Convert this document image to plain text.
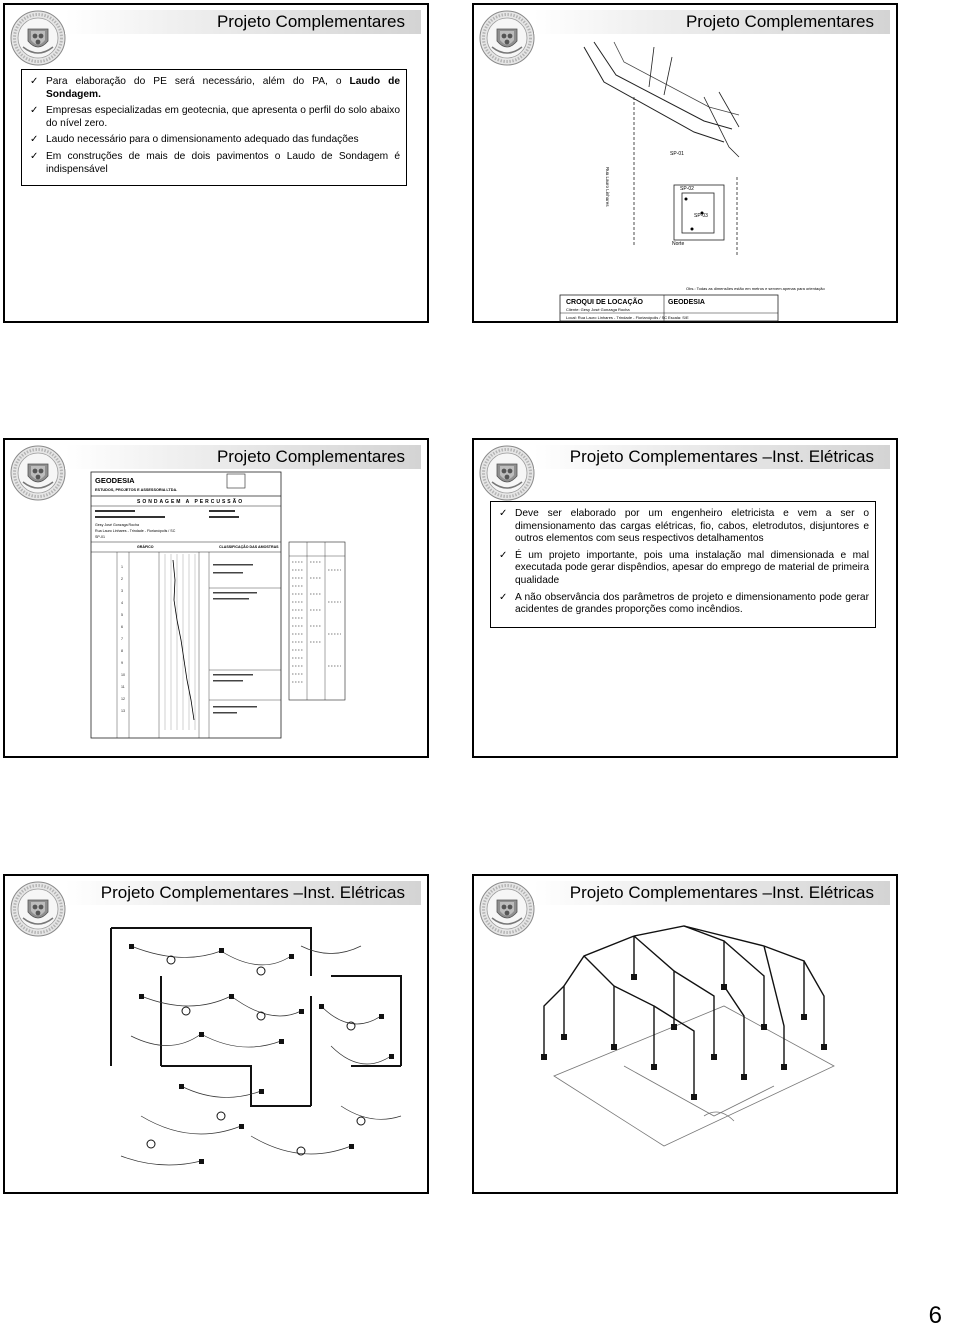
Projeto Complementares
✓ Para elaboração do PE será necessário, além do PA, o Laudo de Sondagem.
✓ Empresas especializadas em geotecnia, que apresenta o perfil do solo abaixo do nível zero.
✓ Laudo necessário para o dimensionamento adequado das fundações
✓ Em construções de mais de dois pavimentos o Laudo de Sondagem é indispensável
Projeto Complementares
SP-01
SP-02
SP-03
Rua Lauro Linhares
Norte
Obs.: Todas as dimensões estão em metros e servem apenas para orientação
CROQUI DE LOCAÇÃO
Cliente: Gesy José Gonzaga Rocha
Local: Rua Lauro Linhares - Trindade - Florianópolis / SC
GEODESIA
Escala: S/E
Projeto Complementares
GEODESIA
ESTUDOS, PROJETOS E ASSESSORIA LTDA.
SONDAGEM A PERCUSSÃO
Gesy José Gonzaga Rocha
Rua Lauro Linhares - Trindade - Florianópolis / SC
SP-01
GRÁFICO	CLASSIFICAÇÃO DAS AMOSTRAS
1
2
3
4
5
6
7
8
9
10
11
12
13
Projeto Complementares –Inst. Elétricas
✓ Deve ser elaborado por um engenheiro eletricista e vem a ser o dimensionamento das cargas elétricas, fio, cabos, eletrodutos, disjuntores e outros elementos com seus respectivos detalhamentos
✓ É um projeto importante, pois uma instalação mal dimensionada e mal executada pode gerar dispêndios, apesar do emprego de material de primeira qualidade
✓ A não observância dos parâmetros de projeto e dimensionamento pode gerar acidentes de grandes proporções como incêndios.
Projeto Complementares –Inst. Elétricas	Projeto Complementares –Inst. Elétricas
6
